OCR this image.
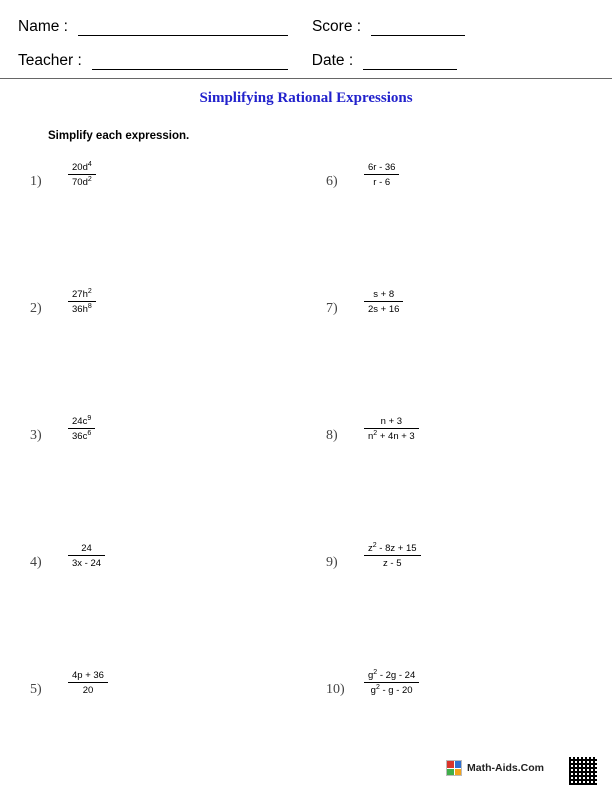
Name :	Score :
Teacher :	Date :
Simplifying Rational Expressions
Simplify each expression.
1)	$\frac{20d^4}{70d^2}$
2)	$\frac{27h^2}{36h^8}$
3)	$\frac{24c^9}{36c^6}$
4)	$\frac{24}{3x - 24}$
5)	$\frac{4p + 36}{20}$
6)	$\frac{6r - 36}{r - 6}$
7)	$\frac{s + 8}{2s + 16}$
8)	$\frac{n + 3}{n^2 + 4n + 3}$
9)	$\frac{z^2 - 8z + 15}{z - 5}$
$10) \frac{g^2 - 2g - 24}{g^2 - g - 20}$
Math-Aids.Com
